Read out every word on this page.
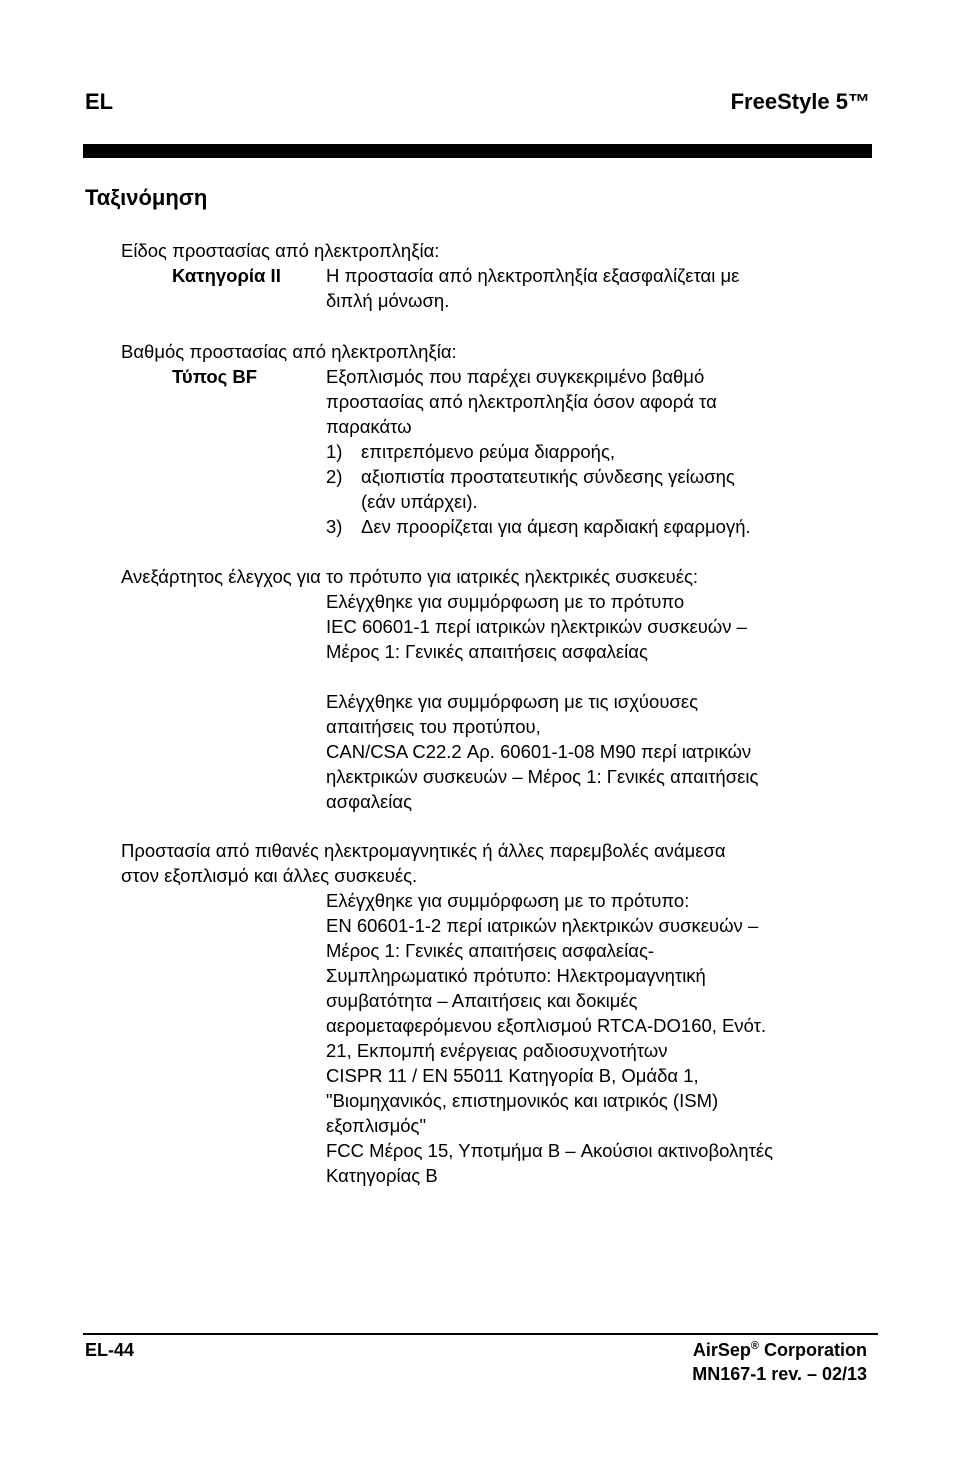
EL	FreeStyle 5™
Ταξινόμηση
Είδος προστασίας από ηλεκτροπληξία:
Κατηγορία II Η προστασία από ηλεκτροπληξία εξασφαλίζεται με
διπλή μόνωση.
Βαθμός προστασίας από ηλεκτροπληξία:
Τύπος BF	Εξοπλισμός που παρέχει συγκεκριμένο βαθμό
προστασίας από ηλεκτροπληξία όσον αφορά τα
παρακάτω
1)	επιτρεπόμενο ρεύμα διαρροής,
2)	αξιοπιστία προστατευτικής σύνδεσης γείωσης
(εάν υπάρχει).
3)	Δεν προορίζεται για άμεση καρδιακή εφαρμογή.
Ανεξάρτητος έλεγχος για το πρότυπο για ιατρικές ηλεκτρικές συσκευές:
Ελέγχθηκε για συμμόρφωση με το πρότυπο
IEC 60601-1 περί ιατρικών ηλεκτρικών συσκευών –
Μέρος 1: Γενικές απαιτήσεις ασφαλείας
Ελέγχθηκε για συμμόρφωση με τις ισχύουσες
απαιτήσεις του προτύπου,
CAN/CSA C22.2 Αρ. 60601-1-08 M90 περί ιατρικών
ηλεκτρικών συσκευών – Μέρος 1: Γενικές απαιτήσεις
ασφαλείας
Προστασία από πιθανές ηλεκτρομαγνητικές ή άλλες παρεμβολές ανάμεσα
στον εξοπλισμό και άλλες συσκευές.
Ελέγχθηκε για συμμόρφωση με το πρότυπο:
EN 60601-1-2 περί ιατρικών ηλεκτρικών συσκευών –
Μέρος 1: Γενικές απαιτήσεις ασφαλείας-
Συμπληρωματικό πρότυπο: Ηλεκτρομαγνητική
συμβατότητα – Απαιτήσεις και δοκιμές
αερομεταφερόμενου εξοπλισμού RTCA-DO160, Ενότ.
21, Εκπομπή ενέργειας ραδιοσυχνοτήτων
CISPR 11 / EN 55011 Κατηγορία B, Ομάδα 1,
"Βιομηχανικός, επιστημονικός και ιατρικός (ISM)
εξοπλισμός"
FCC Μέρος 15, Υποτμήμα B – Ακούσιοι ακτινοβολητές
Κατηγορίας B
EL-44	AirSep® Corporation
MN167-1 rev. – 02/13
